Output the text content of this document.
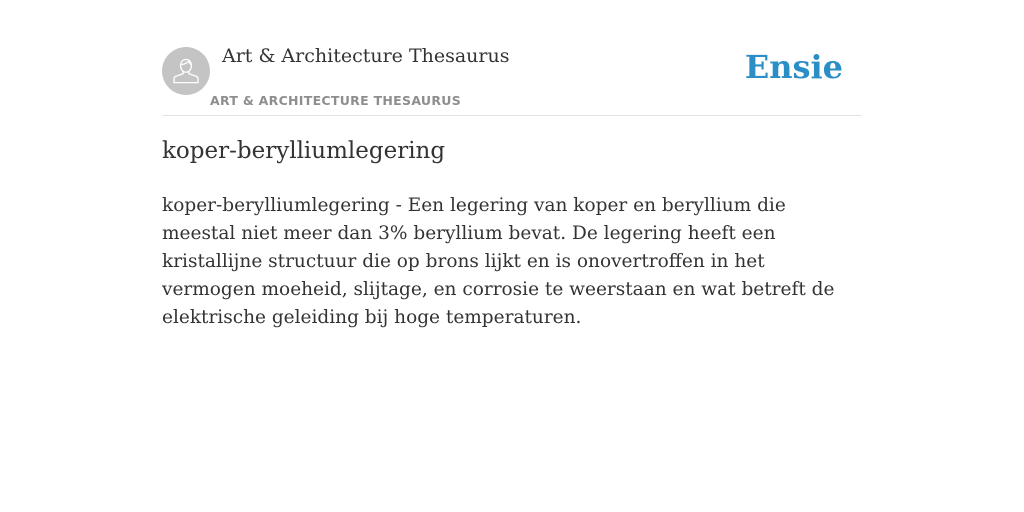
Art & Architecture Thesaurus
ART & ARCHITECTURE THESAURUS
Ensie
koper-berylliumlegering

koper-berylliumlegering - Een legering van koper en beryllium die meestal niet meer dan 3% beryllium bevat. De legering heeft een kristallijne structuur die op brons lijkt en is onovertroffen in het vermogen moeheid, slijtage, en corrosie te weerstaan en wat betreft de elektrische geleiding bij hoge temperaturen.
